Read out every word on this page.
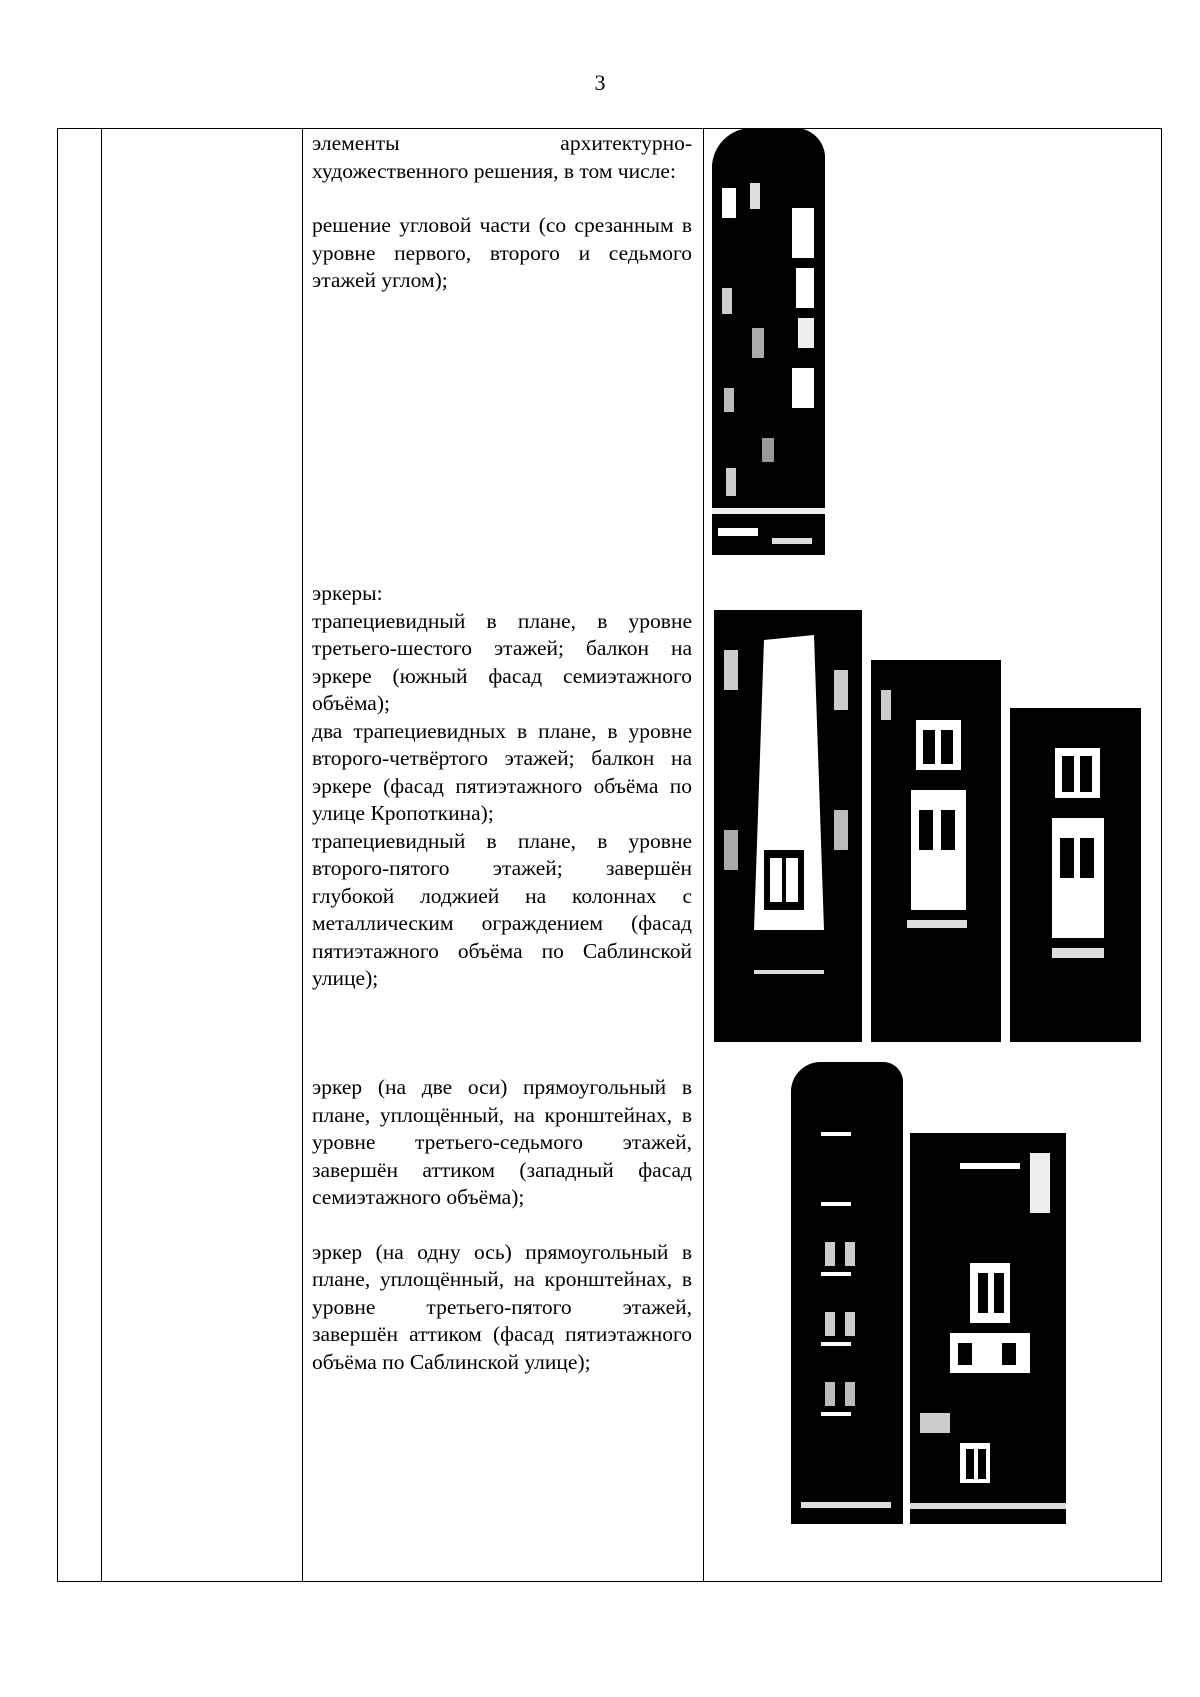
3

элементы архитектурно-художественного решения, в том числе:

решение угловой части (со срезанным в уровне первого, второго и седьмого этажей углом);

эркеры:

трапециевидный в плане, в уровне третьего-шестого этажей; балкон на эркере (южный фасад семиэтажного объёма);

два трапециевидных в плане, в уровне второго-четвёртого этажей; балкон на эркере (фасад пятиэтажного объёма по улице Кропоткина);

трапециевидный в плане, в уровне второго-пятого этажей; завершён глубокой лоджией на колоннах с металлическим ограждением (фасад пятиэтажного объёма по Саблинской улице);

эркер (на две оси) прямоугольный в плане, уплощённый, на кронштейнах, в уровне третьего-седьмого этажей, завершён аттиком (западный фасад семиэтажного объёма);

эркер (на одну ось) прямоугольный в плане, уплощённый, на кронштейнах, в уровне третьего-пятого этажей, завершён аттиком (фасад пятиэтажного объёма по Саблинской улице);
